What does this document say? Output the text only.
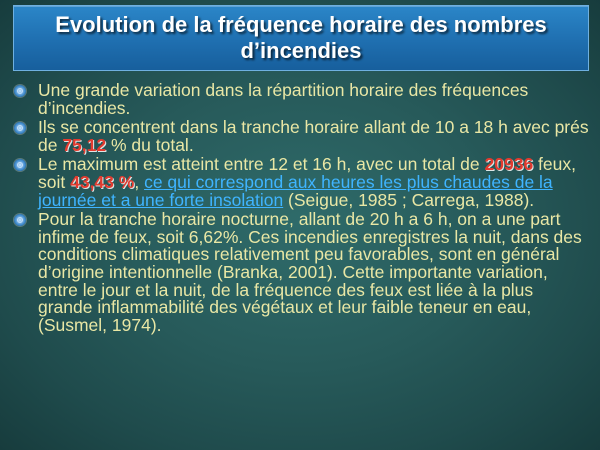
Evolution de la fréquence horaire des nombres d’incendies
Une grande variation dans la répartition horaire des fréquences d’incendies.
Ils se concentrent dans la tranche horaire allant de 10 a 18 h avec prés de 75,12 % du total.
Le maximum est atteint entre 12 et 16 h, avec un total de 20936 feux, soit 43,43 %, ce qui correspond aux heures les plus chaudes de la journée et a une forte insolation (Seigue, 1985 ; Carrega, 1988).
Pour la tranche horaire nocturne, allant de 20 h a 6 h, on a une part infime de feux, soit 6,62%. Ces incendies enregistres la nuit, dans des conditions climatiques relativement peu favorables, sont en général d’origine intentionnelle (Branka, 2001). Cette importante variation, entre le jour et la nuit, de la fréquence des feux est liée à la plus grande inflammabilité des végétaux et leur faible teneur en eau, (Susmel, 1974).
